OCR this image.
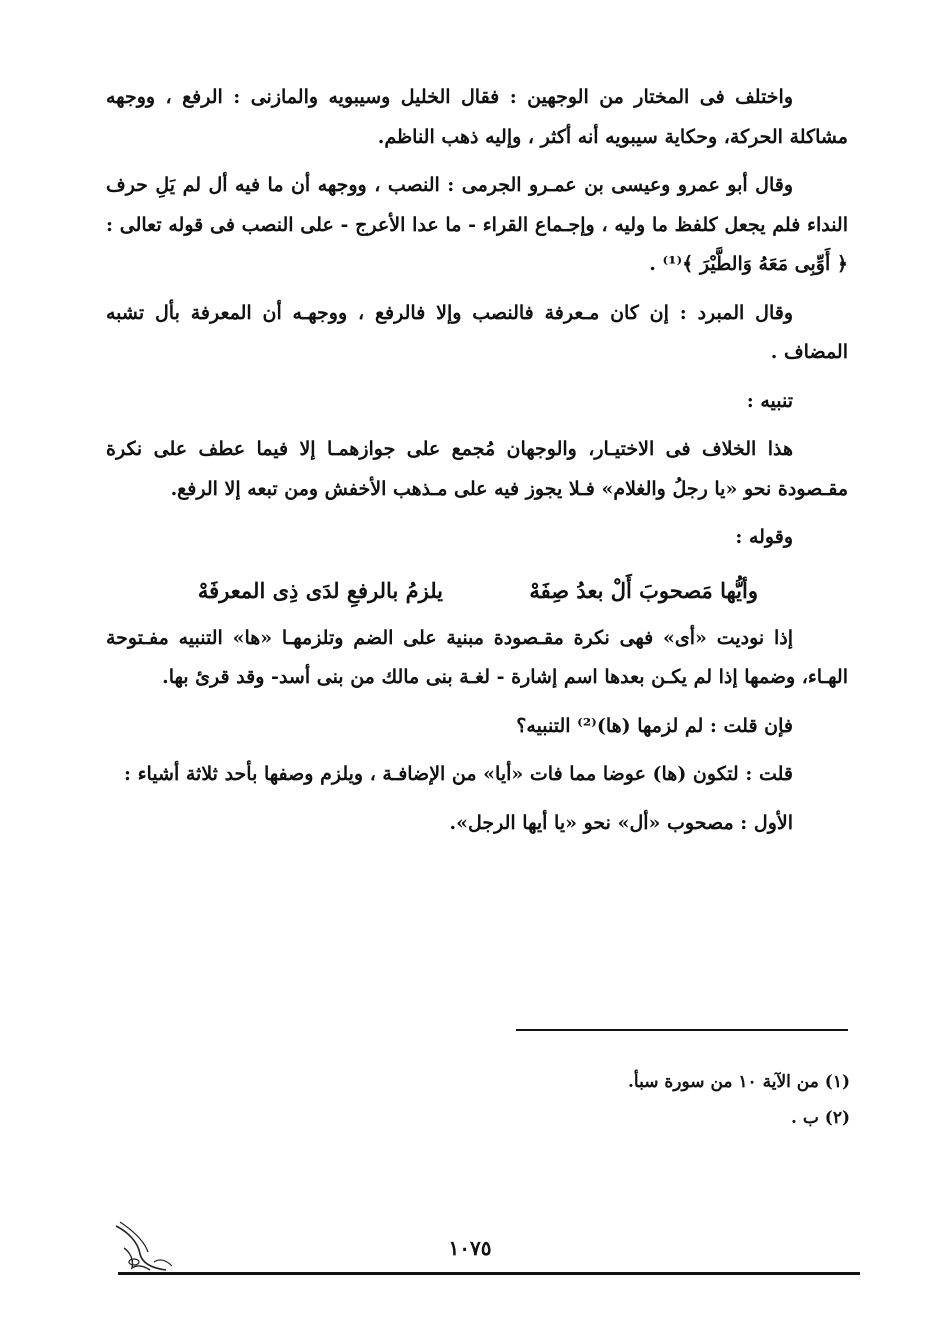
واختلف فى المختار من الوجهين : فقال الخليل وسيبويه والمازنى : الرفع ، ووجهه مشاكلة الحركة، وحكاية سيبويه أنه أكثر ، وإليه ذهب الناظم.

وقال أبو عمرو وعيسى بن عمـرو الجرمى : النصب ، ووجهه أن ما فيه أل لم يَلِ حرف النداء فلم يجعل كلفظ ما وليه ، وإجـماع القراء - ما عدا الأعرج - على النصب فى قوله تعالى : ﴿ أَوِّبِى مَعَهُ وَالطَّيْرَ ﴾⁽¹⁾ .

وقال المبرد : إن كان مـعرفة فالنصب وإلا فالرفع ، ووجهـه أن المعرفة بأل تشبه المضاف .

تنبيه :

هذا الخلاف فى الاختيـار، والوجهان مُجمع على جوازهمـا إلا فيما عطف على نكرة مقـصودة نحو «يا رجلُ والغلام» فـلا يجوز فيه على مـذهب الأخفش ومن تبعه إلا الرفع.

وقوله :

وأيُّها مَصحوبَ أَلْ بعدُ صِفَهْ
يلزمُ بالرفعِ لدَى ذِى المعرفَهْ

إذا نوديت «أى» فهى نكرة مقـصودة مبنية على الضم وتلزمهـا «ها» التنبيه مفـتوحة الهـاء، وضمها إذا لم يكـن بعدها اسم إشارة - لغـة بنى مالك من بنى أسد- وقد قرئ بها.

فإن قلت : لم لزمها (ها)⁽²⁾ التنبيه؟

قلت : لتكون (ها) عوضا مما فات «أيا» من الإضافـة ، ويلزم وصفها بأحد ثلاثة أشياء :

الأول : مصحوب «أل» نحو «يا أيها الرجل».

(١) من الآية ١٠ من سورة سبأ.
(٢) ب .
١٠٧٥
